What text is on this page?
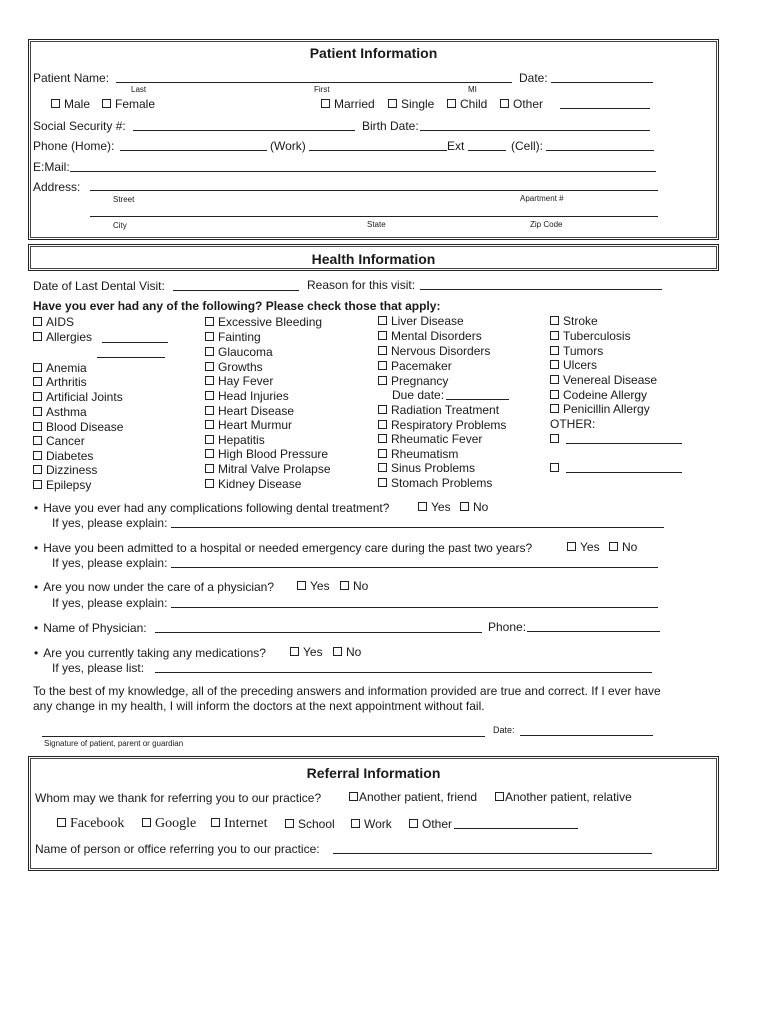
Patient Information
Patient Name:
Last	First	MI
Date:
Male	Female	Married	Single	Child	Other
Social Security #:	Birth Date:
Phone (Home):	(Work)	Ext	(Cell):
E:Mail:
Address:
Street	Apartment #
City	State	Zip Code
Health Information
Date of Last Dental Visit:	Reason for this visit:
Have you ever had any of the following? Please check those that apply:
AIDS
Allergies
Anemia
Arthritis
Artificial Joints
Asthma
Blood Disease
Cancer
Diabetes
Dizziness
Epilepsy
Excessive Bleeding
Fainting
Glaucoma
Growths
Hay Fever
Head Injuries
Heart Disease
Heart Murmur
Hepatitis
High Blood Pressure
Mitral Valve Prolapse
Kidney Disease
Liver Disease
Mental Disorders
Nervous Disorders
Pacemaker
Pregnancy
Due date:
Radiation Treatment
Respiratory Problems
Rheumatic Fever
Rheumatism
Sinus Problems
Stomach Problems
Stroke
Tuberculosis
Tumors
Ulcers
Venereal Disease
Codeine Allergy
Penicillin Allergy
OTHER:
• Have you ever had any complications following dental treatment?	Yes	No
If yes, please explain:
• Have you been admitted to a hospital or needed emergency care during the past two years?	Yes	No
If yes, please explain:
• Are you now under the care of a physician?	Yes	No
If yes, please explain:
• Name of Physician:	Phone:
• Are you currently taking any medications?	Yes	No
If yes, please list:
To the best of my knowledge, all of the preceding answers and information provided are true and correct. If I ever have
any change in my health, I will inform the doctors at the next appointment without fail.
Signature of patient, parent or guardian
Date:
Referral Information
Whom may we thank for referring you to our practice?	Another patient, friend	Another patient, relative
Facebook	Google	Internet	School	Work	Other
Name of person or office referring you to our practice:
